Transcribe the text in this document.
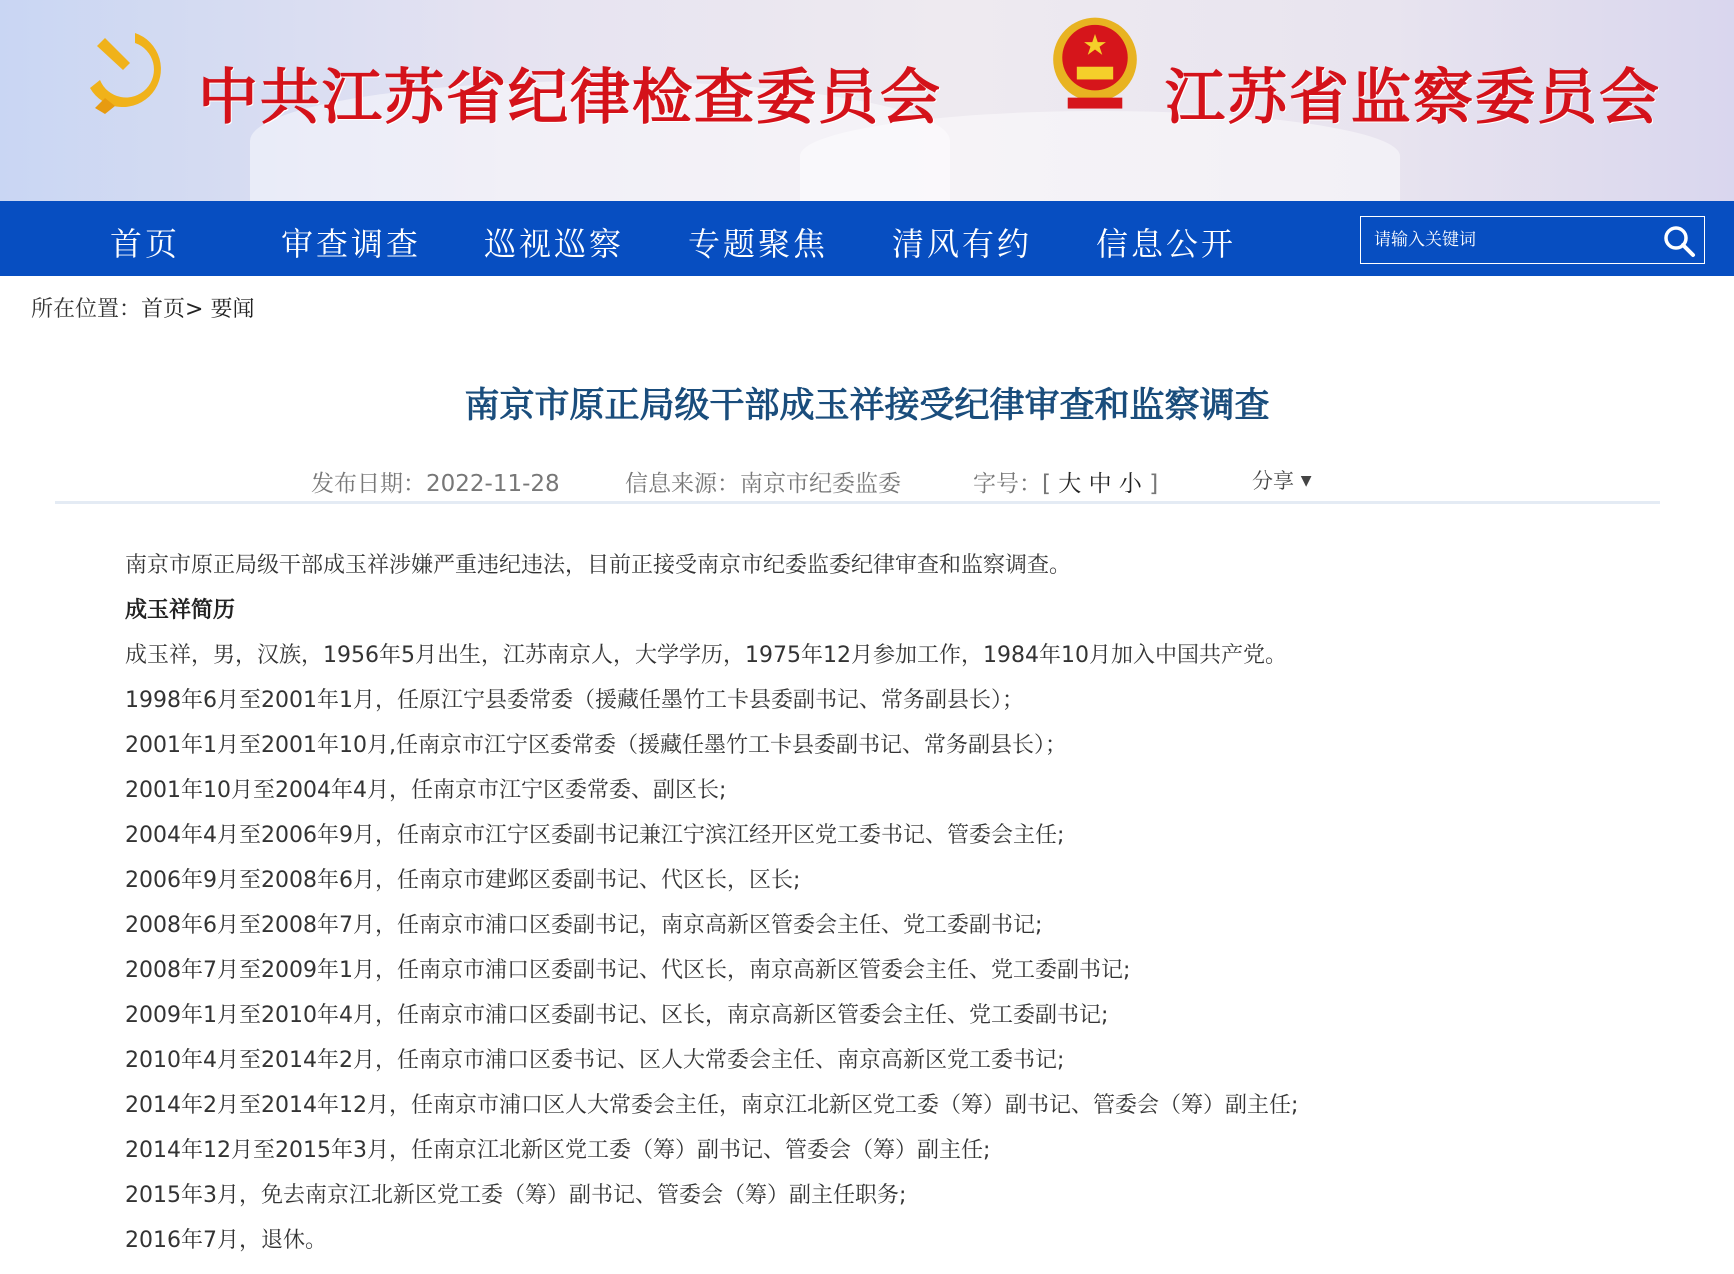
中共江苏省纪律检查委员会	江苏省监察委员会
首页	审查调查 巡视巡察 专题聚焦 清风有约 信息公开
请输入关键词
所在位置：首页> 要闻
南京市原正局级干部成玉祥接受纪律审查和监察调查
发布日期：2022-11-28	信息来源：南京市纪委监委	字号：[ 大 中 小 ]	分享 ▼
南京市原正局级干部成玉祥涉嫌严重违纪违法，目前正接受南京市纪委监委纪律审查和监察调查。
成玉祥简历
成玉祥，男，汉族，1956年5月出生，江苏南京人，大学学历，1975年12月参加工作，1984年10月加入中国共产党。
1998年6月至2001年1月，任原江宁县委常委（援藏任墨竹工卡县委副书记、常务副县长）；
2001年1月至2001年10月,任南京市江宁区委常委（援藏任墨竹工卡县委副书记、常务副县长）；
2001年10月至2004年4月，任南京市江宁区委常委、副区长;
2004年4月至2006年9月，任南京市江宁区委副书记兼江宁滨江经开区党工委书记、管委会主任;
2006年9月至2008年6月，任南京市建邺区委副书记、代区长，区长;
2008年6月至2008年7月，任南京市浦口区委副书记，南京高新区管委会主任、党工委副书记;
2008年7月至2009年1月，任南京市浦口区委副书记、代区长，南京高新区管委会主任、党工委副书记;
2009年1月至2010年4月，任南京市浦口区委副书记、区长，南京高新区管委会主任、党工委副书记;
2010年4月至2014年2月，任南京市浦口区委书记、区人大常委会主任、南京高新区党工委书记;
2014年2月至2014年12月，任南京市浦口区人大常委会主任，南京江北新区党工委（筹）副书记、管委会（筹）副主任;
2014年12月至2015年3月，任南京江北新区党工委（筹）副书记、管委会（筹）副主任;
2015年3月，免去南京江北新区党工委（筹）副书记、管委会（筹）副主任职务;
2016年7月，退休。
